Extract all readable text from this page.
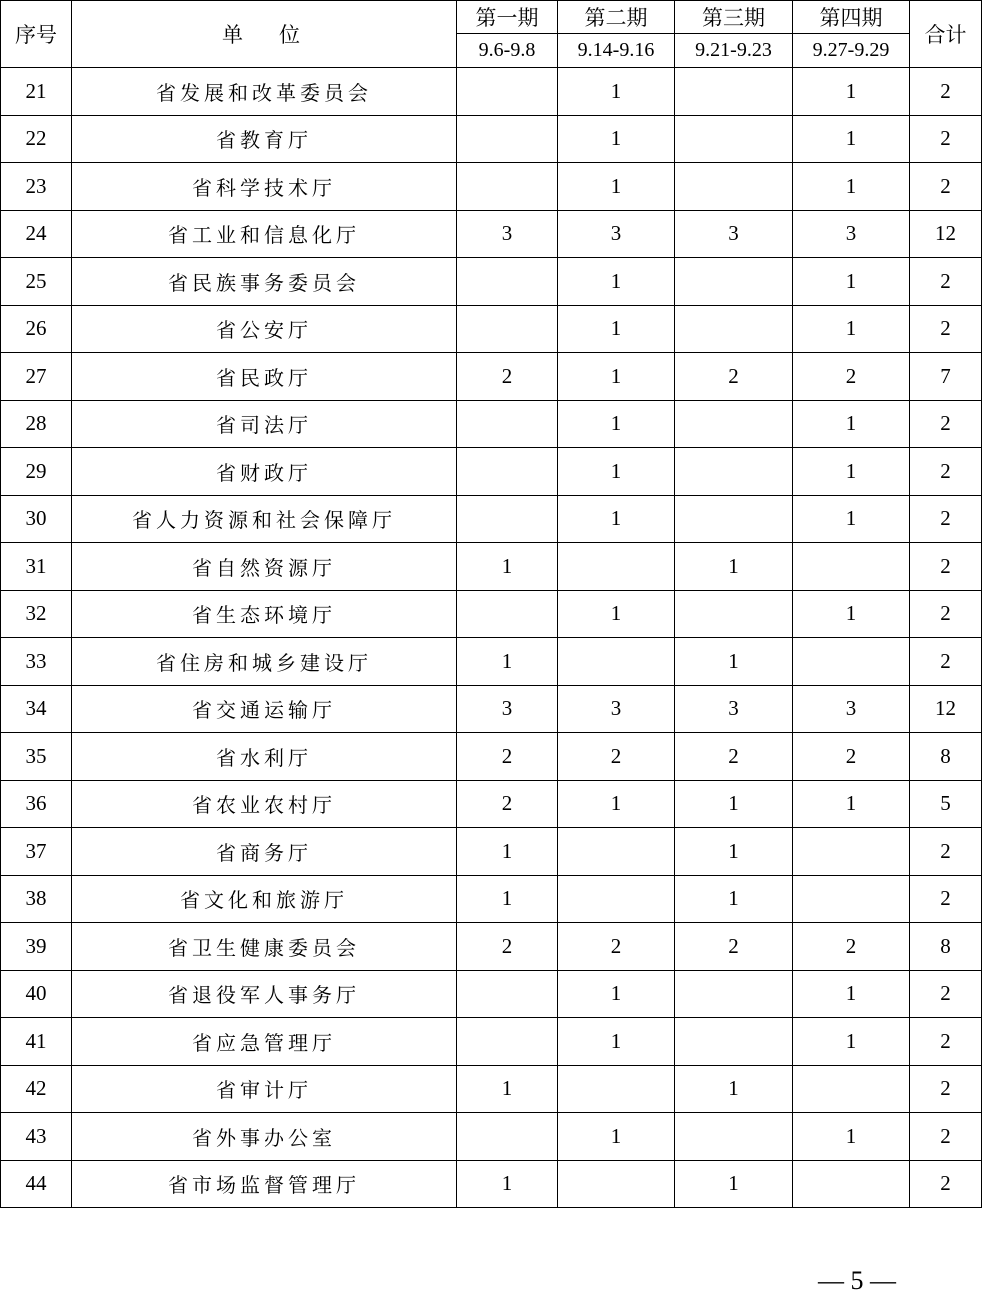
序号	单位	第一期	第二期	第三期	第四期	合计
		9.6-9.8	9.14-9.16	9.21-9.23	9.27-9.29	
21	省发展和改革委员会		1		1	2
22	省教育厅		1		1	2
23	省科学技术厅		1		1	2
24	省工业和信息化厅	3	3	3	3	12
25	省民族事务委员会		1		1	2
26	省公安厅		1		1	2
27	省民政厅	2	1	2	2	7
28	省司法厅		1		1	2
29	省财政厅		1		1	2
30	省人力资源和社会保障厅		1		1	2
31	省自然资源厅	1		1		2
32	省生态环境厅		1		1	2
33	省住房和城乡建设厅	1		1		2
34	省交通运输厅	3	3	3	3	12
35	省水利厅	2	2	2	2	8
36	省农业农村厅	2	1	1	1	5
37	省商务厅	1		1		2
38	省文化和旅游厅	1		1		2
39	省卫生健康委员会	2	2	2	2	8
40	省退役军人事务厅		1		1	2
41	省应急管理厅		1		1	2
42	省审计厅	1		1		2
43	省外事办公室		1		1	2
44	省市场监督管理厅	1		1		2
— 5 —
